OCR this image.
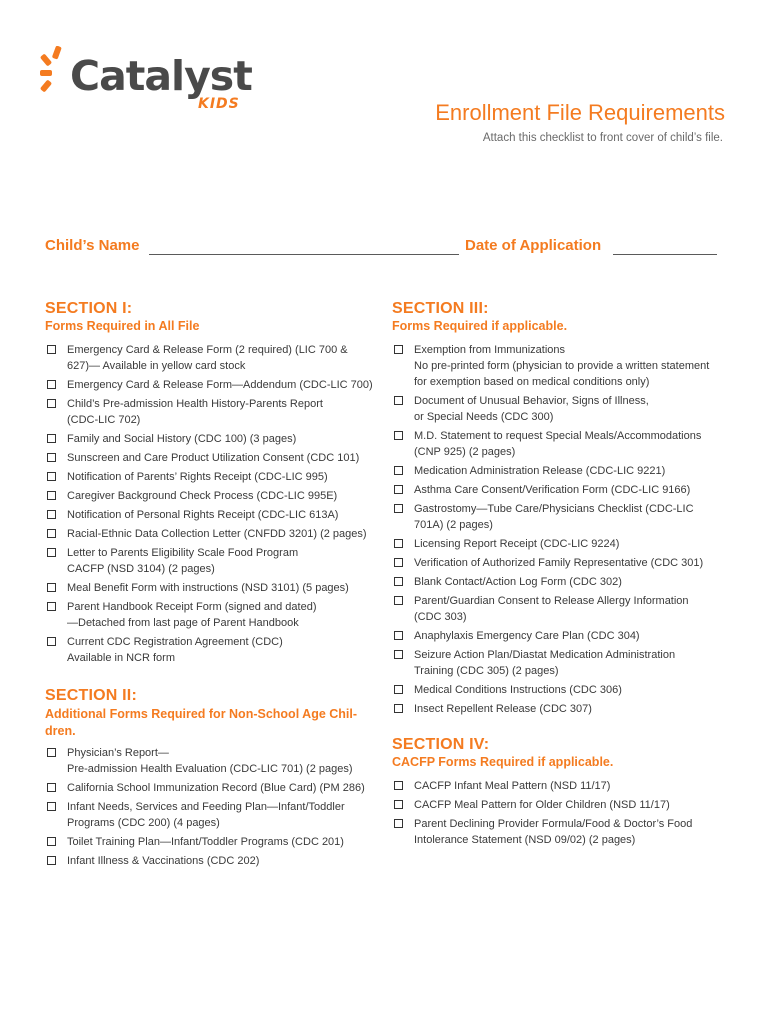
Catalyst
KIDS	Enrollment File Requirements
Attach this checklist to front cover of child’s file.
Child’s Name	Date of Application
SECTION I:
Forms Required in All File
Emergency Card & Release Form (2 required) (LIC 700 &
627)— Available in yellow card stock
Emergency Card & Release Form—Addendum (CDC-LIC 700)
Child’s Pre-admission Health History-Parents Report
(CDC-LIC 702)
Family and Social History (CDC 100) (3 pages)
Sunscreen and Care Product Utilization Consent (CDC 101)
Notification of Parents’ Rights Receipt (CDC-LIC 995)
Caregiver Background Check Process (CDC-LIC 995E)
Notification of Personal Rights Receipt (CDC-LIC 613A)
Racial-Ethnic Data Collection Letter (CNFDD 3201) (2 pages)
Letter to Parents Eligibility Scale Food Program
CACFP (NSD 3104) (2 pages)
Meal Benefit Form with instructions (NSD 3101) (5 pages)
Parent Handbook Receipt Form (signed and dated)
—Detached from last page of Parent Handbook
Current CDC Registration Agreement (CDC)
Available in NCR form
SECTION II:
Additional Forms Required for Non-School Age Chil-
dren.
Physician’s Report—
Pre-admission Health Evaluation (CDC-LIC 701) (2 pages)
California School Immunization Record (Blue Card) (PM 286)
Infant Needs, Services and Feeding Plan—Infant/Toddler
Programs (CDC 200) (4 pages)
Toilet Training Plan—Infant/Toddler Programs (CDC 201)
Infant Illness & Vaccinations (CDC 202)
SECTION III:
Forms Required if applicable.
Exemption from Immunizations
No pre-printed form (physician to provide a written statement
for exemption based on medical conditions only)
Document of Unusual Behavior, Signs of Illness,
or Special Needs (CDC 300)
M.D. Statement to request Special Meals/Accommodations
(CNP 925) (2 pages)
Medication Administration Release (CDC-LIC 9221)
Asthma Care Consent/Verification Form (CDC-LIC 9166)
Gastrostomy—Tube Care/Physicians Checklist (CDC-LIC
701A) (2 pages)
Licensing Report Receipt (CDC-LIC 9224)
Verification of Authorized Family Representative (CDC 301)
Blank Contact/Action Log Form (CDC 302)
Parent/Guardian Consent to Release Allergy Information
(CDC 303)
Anaphylaxis Emergency Care Plan (CDC 304)
Seizure Action Plan/Diastat Medication Administration
Training (CDC 305) (2 pages)
Medical Conditions Instructions (CDC 306)
Insect Repellent Release (CDC 307)
SECTION IV:
CACFP Forms Required if applicable.
CACFP Infant Meal Pattern (NSD 11/17)
CACFP Meal Pattern for Older Children (NSD 11/17)
Parent Declining Provider Formula/Food & Doctor’s Food
Intolerance Statement (NSD 09/02) (2 pages)
